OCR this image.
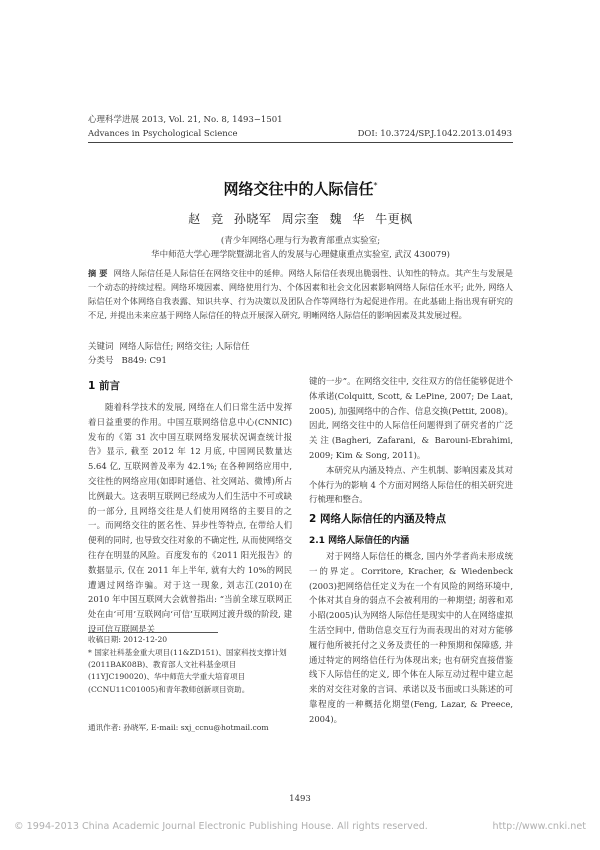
心理科学进展 2013, Vol. 21, No. 8, 1493−1501
Advances in Psychological Science	DOI: 10.3724/SP.J.1042.2013.01493
网络交往中的人际信任*
赵 竞 孙晓军 周宗奎 魏 华 牛更枫
(青少年网络心理与行为教育部重点实验室;
华中师范大学心理学院暨湖北省人的发展与心理健康重点实验室, 武汉 430079)
摘 要 网络人际信任是人际信任在网络交往中的延伸。网络人际信任表现出脆弱性、认知性的特点。其产生与发展是一个动态的持续过程。网络环境因素、网络使用行为、个体因素和社会文化因素影响网络人际信任水平; 此外, 网络人际信任对个体网络自我表露、知识共享、行为决策以及团队合作等网络行为起促进作用。在此基础上指出现有研究的不足, 并提出未来应基于网络人际信任的特点开展深入研究, 明晰网络人际信任的影响因素及其发展过程。
关键词 网络人际信任; 网络交往; 人际信任
分类号 B849: C91
1 前言

随着科学技术的发展, 网络在人们日常生活中发挥着日益重要的作用。中国互联网络信息中心(CNNIC)发布的《第 31 次中国互联网络发展状况调查统计报告》显示, 截至 2012 年 12 月底, 中国网民数量达 5.64 亿, 互联网普及率为 42.1%; 在各种网络应用中, 交往性的网络应用(如即时通信、社交网站、微博)所占比例最大。这表明互联网已经成为人们生活中不可或缺的一部分, 且网络交往是人们使用网络的主要目的之一。而网络交往的匿名性、异步性等特点, 在带给人们便利的同时, 也导致交往对象的不确定性, 从而使网络交往存在明显的风险。百度发布的《2011 阳光报告》的数据显示, 仅在 2011 年上半年, 就有大约 10%的网民遭遇过网络诈骗。对于这一现象, 刘志江(2010)在 2010 年中国互联网大会就曾指出: “当前全球互联网正处在由‘可用’互联网向‘可信’互联网过渡升级的阶段, 建设可信互联网是关

键的一步”。在网络交往中, 交往双方的信任能够促进个体承诺(Colquitt, Scott, & LePine, 2007; De Laat, 2005), 加强网络中的合作、信息交换(Pettit, 2008)。因此, 网络交往中的人际信任问题得到了研究者的广泛关注(Bagheri, Zafarani, & Barouni-Ebrahimi, 2009; Kim & Song, 2011)。

本研究从内涵及特点、产生机制、影响因素及其对个体行为的影响 4 个方面对网络人际信任的相关研究进行梳理和整合。

2 网络人际信任的内涵及特点
2.1 网络人际信任的内涵

对于网络人际信任的概念, 国内外学者尚未形成统一的界定。Corritore, Kracher, & Wiedenbeck (2003)把网络信任定义为在一个有风险的网络环境中, 个体对其自身的弱点不会被利用的一种期望; 胡蓉和邓小昭(2005)认为网络人际信任是现实中的人在网络虚拟生活空间中, 借助信息交互行为而表现出的对对方能够履行他所被托付之义务及责任的一种预期和保障感, 并通过特定的网络信任行为体现出来; 也有研究直接借鉴线下人际信任的定义, 即个体在人际互动过程中建立起来的对交往对象的言词、承诺以及书面或口头陈述的可靠程度的一种概括化期望(Feng, Lazar, & Preece, 2004)。

收稿日期: 2012-12-20
* 国家社科基金重大项目(11&ZD151)、国家科技支撑计划(2011BAK08B)、教育部人文社科基金项目(11YJC190020)、华中师范大学重大培育项目(CCNU11C01005)和青年教师创新项目资助。
通讯作者: 孙晓军, E-mail: sxj_ccnu@hotmail.com
1493
© 1994-2013 China Academic Journal Electronic Publishing House. All rights reserved.	http://www.cnki.net
